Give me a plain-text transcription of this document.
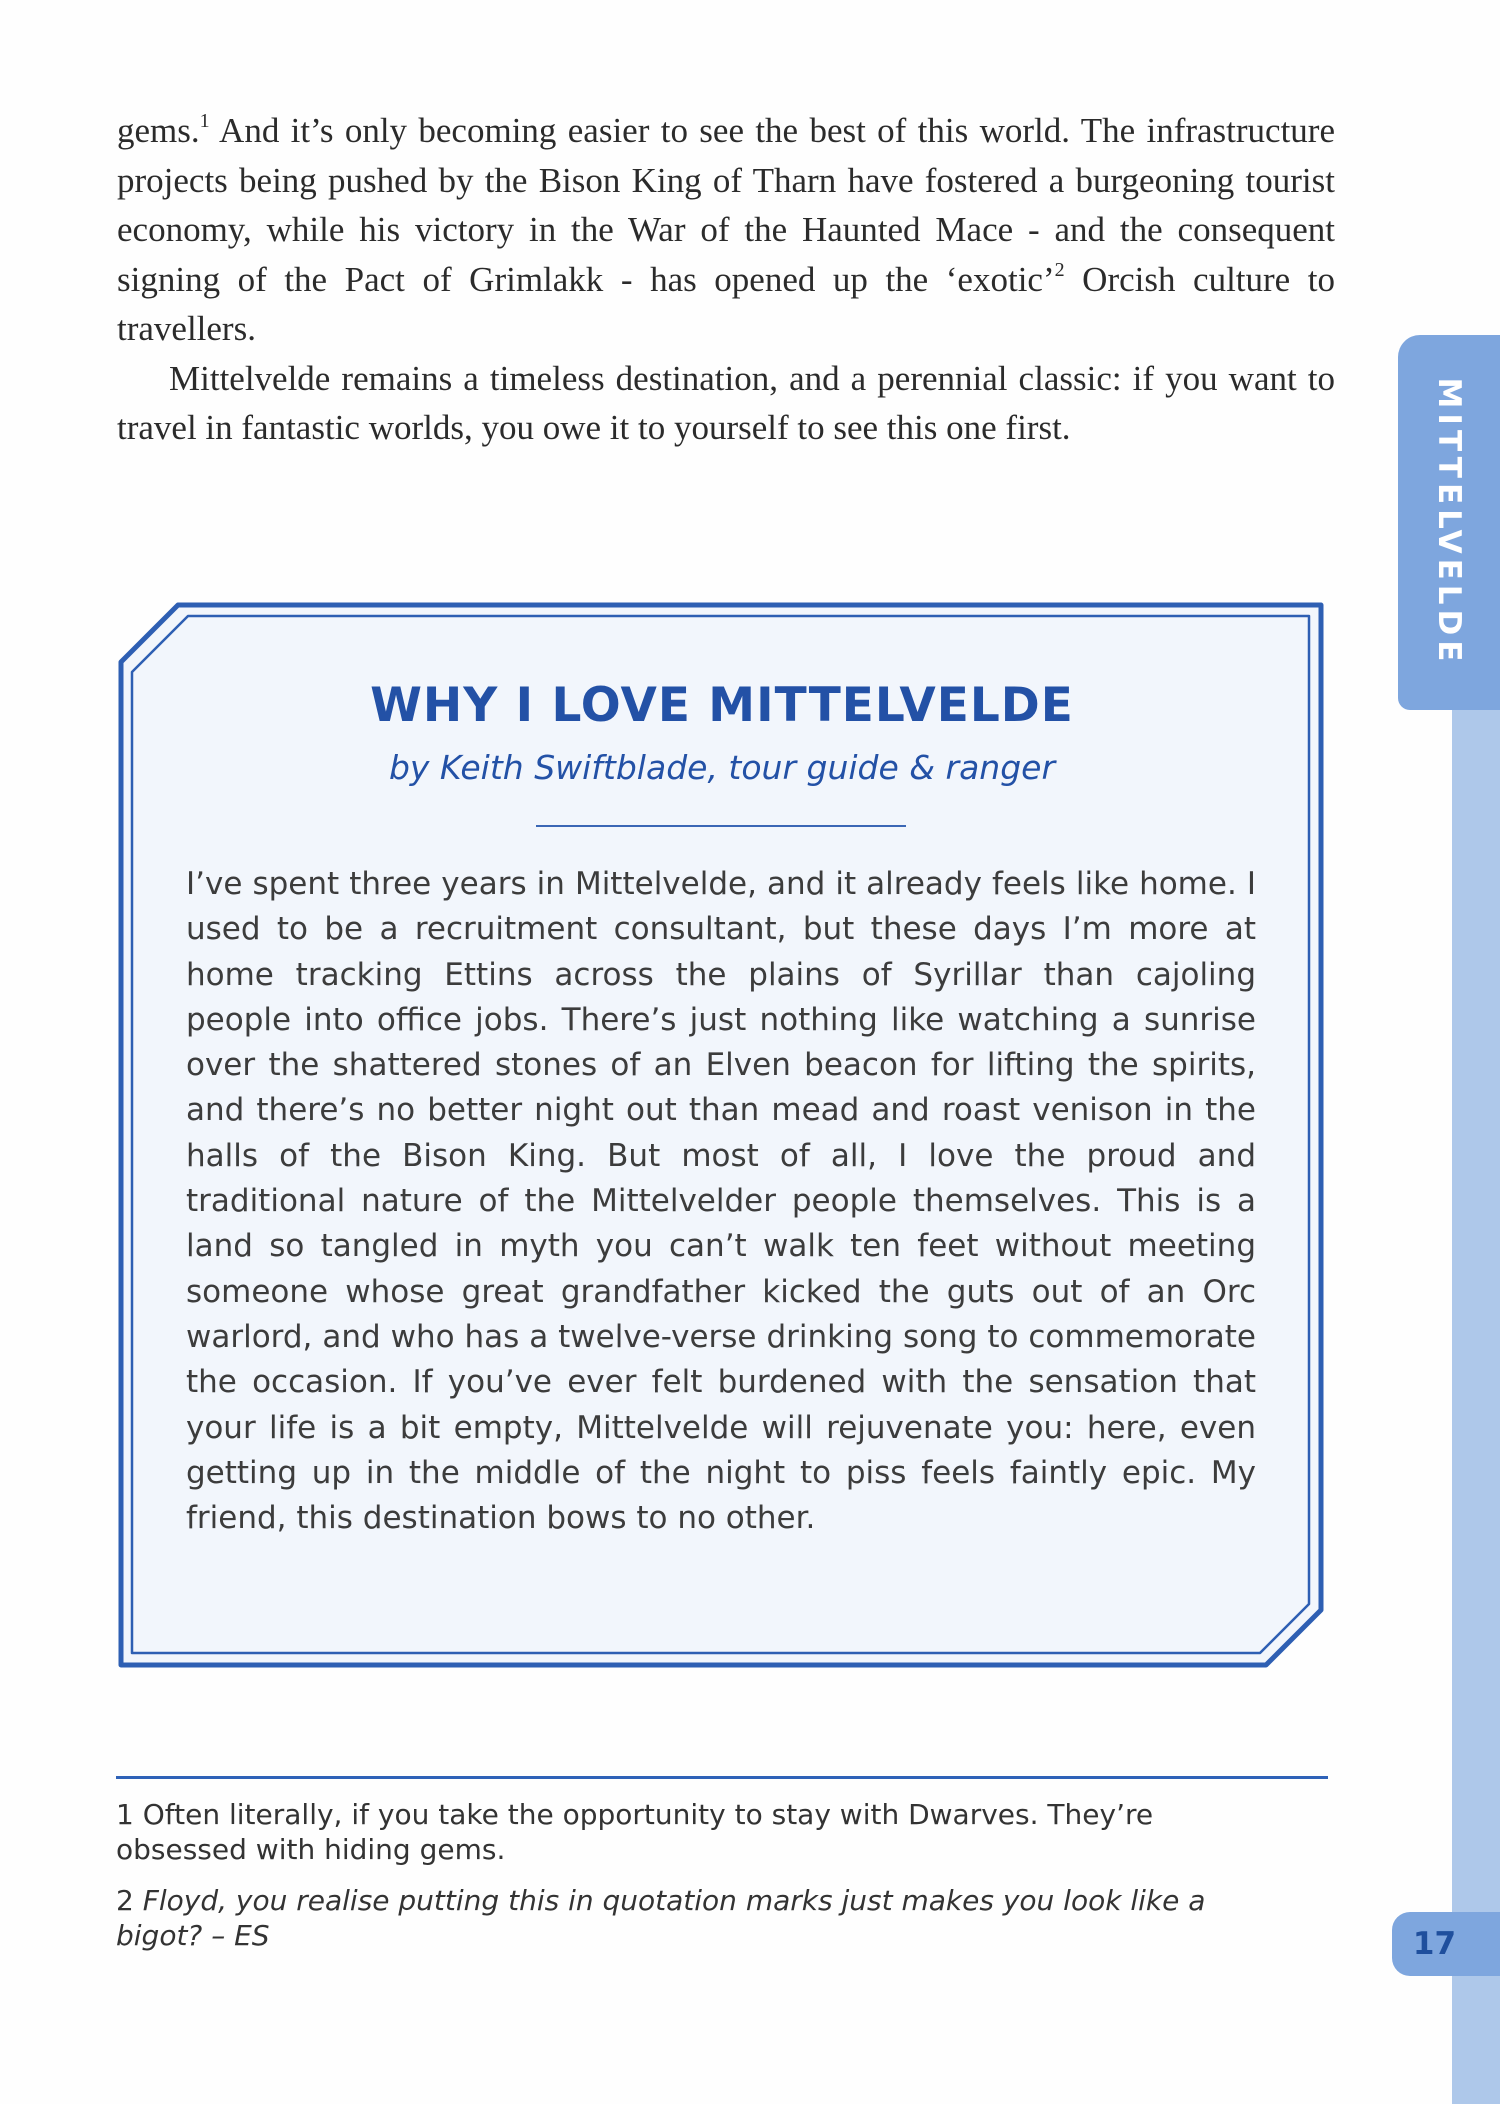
gems.$^1$ And it’s only becoming easier to see the best of this world. The infrastructure projects being pushed by the Bison King of Tharn have fostered a burgeoning tourist economy, while his victory in the War of the Haunted Mace - and the consequent signing of the Pact of Grimlakk - has opened up the ‘exotic’$^2$ Orcish culture to travellers.

Mittelvelde remains a timeless destination, and a perennial classic: if you want to travel in fantastic worlds, you owe it to yourself to see this one first.

WHY I LOVE MITTELVELDE
by Keith Swiftblade, tour guide & ranger

I’ve spent three years in Mittelvelde, and it already feels like home. I used to be a recruitment consultant, but these days I’m more at home tracking Ettins across the plains of Syrillar than cajoling people into office jobs. There’s just nothing like watching a sunrise over the shattered stones of an Elven beacon for lifting the spirits, and there’s no better night out than mead and roast venison in the halls of the Bison King. But most of all, I love the proud and traditional nature of the Mittelvelder people themselves. This is a land so tangled in myth you can’t walk ten feet without meeting someone whose great grandfather kicked the guts out of an Orc warlord, and who has a twelve-verse drinking song to commemorate the occasion. If you’ve ever felt burdened with the sensation that your life is a bit empty, Mittelvelde will rejuvenate you: here, even getting up in the middle of the night to piss feels faintly epic. My friend, this destination bows to no other.

1 Often literally, if you take the opportunity to stay with Dwarves. They’re obsessed with hiding gems.

2 Floyd, you realise putting this in quotation marks just makes you look like a bigot? – ES

MITTELVELDE
17
